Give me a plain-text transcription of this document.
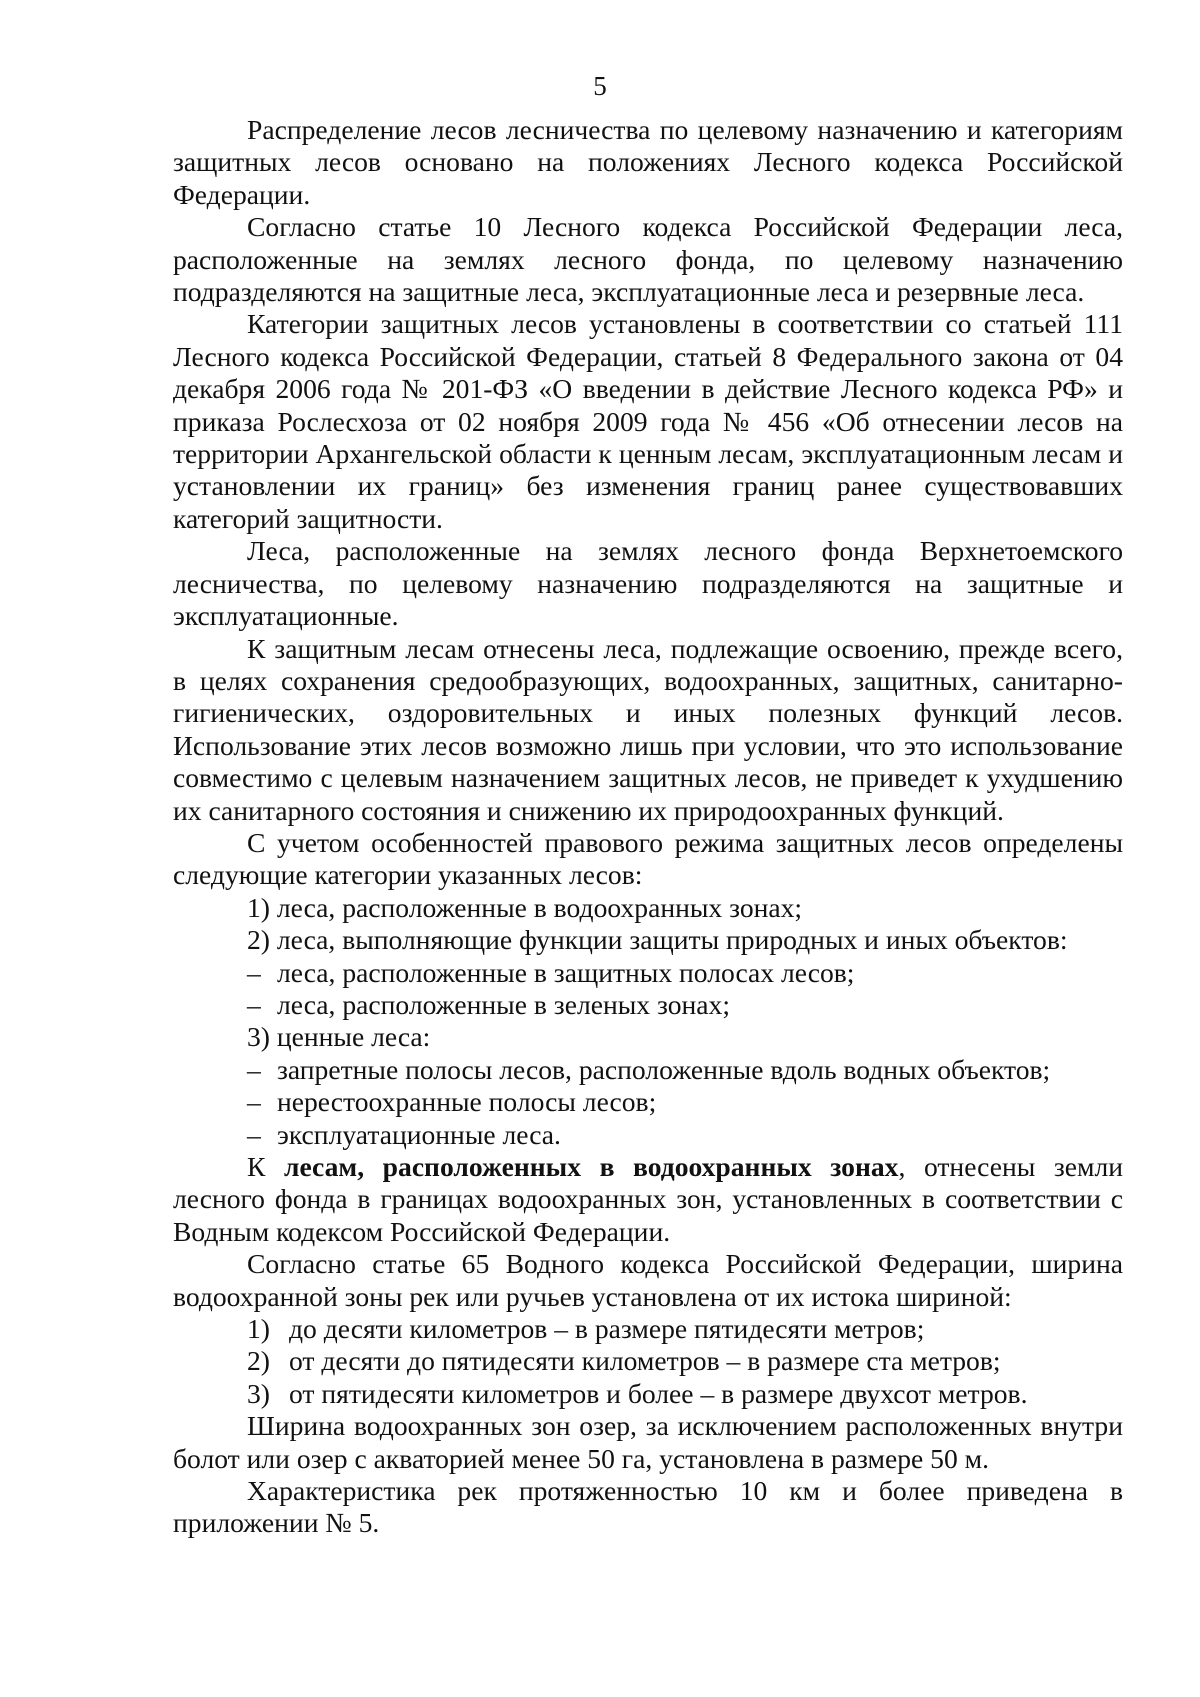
5

Распределение лесов лесничества по целевому назначению и категориям защитных лесов основано на положениях Лесного кодекса Российской Федерации.

Согласно статье 10 Лесного кодекса Российской Федерации леса, расположенные на землях лесного фонда, по целевому назначению подразделяются на защитные леса, эксплуатационные леса и резервные леса.

Категории защитных лесов установлены в соответствии со статьей 111 Лесного кодекса Российской Федерации, статьей 8 Федерального закона от 04 декабря 2006 года № 201-ФЗ «О введении в действие Лесного кодекса РФ» и приказа Рослесхоза от 02 ноября 2009 года № 456 «Об отнесении лесов на территории Архангельской области к ценным лесам, эксплуатационным лесам и установлении их границ» без изменения границ ранее существовавших категорий защитности.

Леса, расположенные на землях лесного фонда Верхнетоемского лесничества, по целевому назначению подразделяются на защитные и эксплуатационные.

К защитным лесам отнесены леса, подлежащие освоению, прежде всего, в целях сохранения средообразующих, водоохранных, защитных, санитарно-гигиенических, оздоровительных и иных полезных функций лесов. Использование этих лесов возможно лишь при условии, что это использование совместимо с целевым назначением защитных лесов, не приведет к ухудшению их санитарного состояния и снижению их природоохранных функций.

С учетом особенностей правового режима защитных лесов определены следующие категории указанных лесов:

1) леса, расположенные в водоохранных зонах;

2) леса, выполняющие функции защиты природных и иных объектов:

– леса, расположенные в защитных полосах лесов;

– леса, расположенные в зеленых зонах;

3) ценные леса:

– запретные полосы лесов, расположенные вдоль водных объектов;

– нерестоохранные полосы лесов;

– эксплуатационные леса.

К лесам, расположенных в водоохранных зонах, отнесены земли лесного фонда в границах водоохранных зон, установленных в соответствии с Водным кодексом Российской Федерации.

Согласно статье 65 Водного кодекса Российской Федерации, ширина водоохранной зоны рек или ручьев установлена от их истока шириной:

1) до десяти километров – в размере пятидесяти метров;

2) от десяти до пятидесяти километров – в размере ста метров;

3) от пятидесяти километров и более – в размере двухсот метров.

Ширина водоохранных зон озер, за исключением расположенных внутри болот или озер с акваторией менее 50 га, установлена в размере 50 м.

Характеристика рек протяженностью 10 км и более приведена в приложении № 5.
